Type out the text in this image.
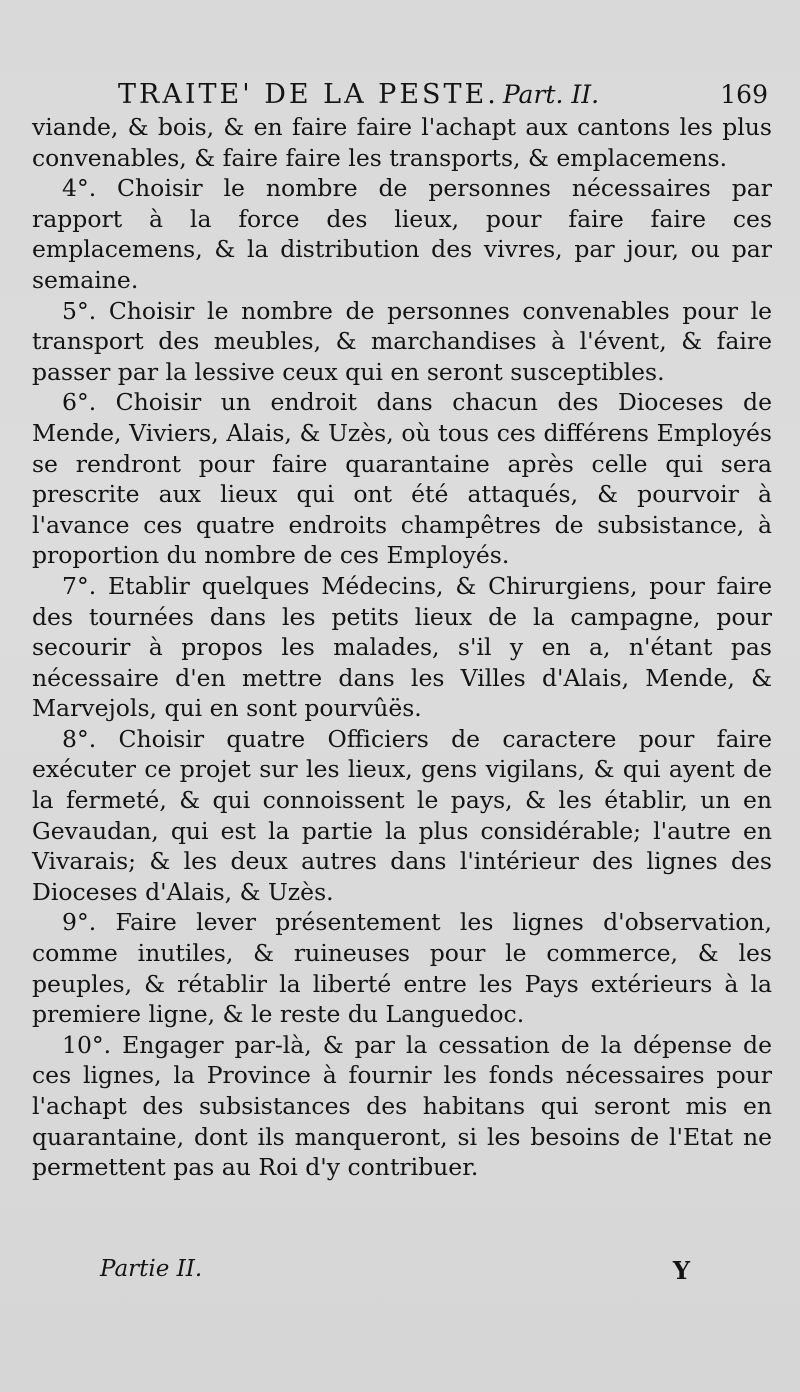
TRAITE' DE LA PESTE. Part. II.	169

viande, & bois, & en faire faire l'achapt aux cantons les plus convenables, & faire faire les transports, & emplacemens.

4°. Choisir le nombre de personnes nécessaires par rapport à la force des lieux, pour faire faire ces emplacemens, & la distribution des vivres, par jour, ou par semaine.

5°. Choisir le nombre de personnes convenables pour le transport des meubles, & marchandises à l'évent, & faire passer par la lessive ceux qui en seront susceptibles.

6°. Choisir un endroit dans chacun des Dioceses de Mende, Viviers, Alais, & Uzès, où tous ces différens Employés se rendront pour faire quarantaine après celle qui sera prescrite aux lieux qui ont été attaqués, & pourvoir à l'avance ces quatre endroits champêtres de subsistance, à proportion du nombre de ces Employés.

7°. Etablir quelques Médecins, & Chirurgiens, pour faire des tournées dans les petits lieux de la campagne, pour secourir à propos les malades, s'il y en a, n'étant pas nécessaire d'en mettre dans les Villes d'Alais, Mende, & Marvejols, qui en sont pourvûës.

8°. Choisir quatre Officiers de caractere pour faire exécuter ce projet sur les lieux, gens vigilans, & qui ayent de la fermeté, & qui connoissent le pays, & les établir, un en Gevaudan, qui est la partie la plus considérable; l'autre en Vivarais; & les deux autres dans l'intérieur des lignes des Dioceses d'Alais, & Uzès.

9°. Faire lever présentement les lignes d'observation, comme inutiles, & ruineuses pour le commerce, & les peuples, & rétablir la liberté entre les Pays extérieurs à la premiere ligne, & le reste du Languedoc.

10°. Engager par-là, & par la cessation de la dépense de ces lignes, la Province à fournir les fonds nécessaires pour l'achapt des subsistances des habitans qui seront mis en quarantaine, dont ils manqueront, si les besoins de l'Etat ne permettent pas au Roi d'y contribuer.

Partie II.	Y
